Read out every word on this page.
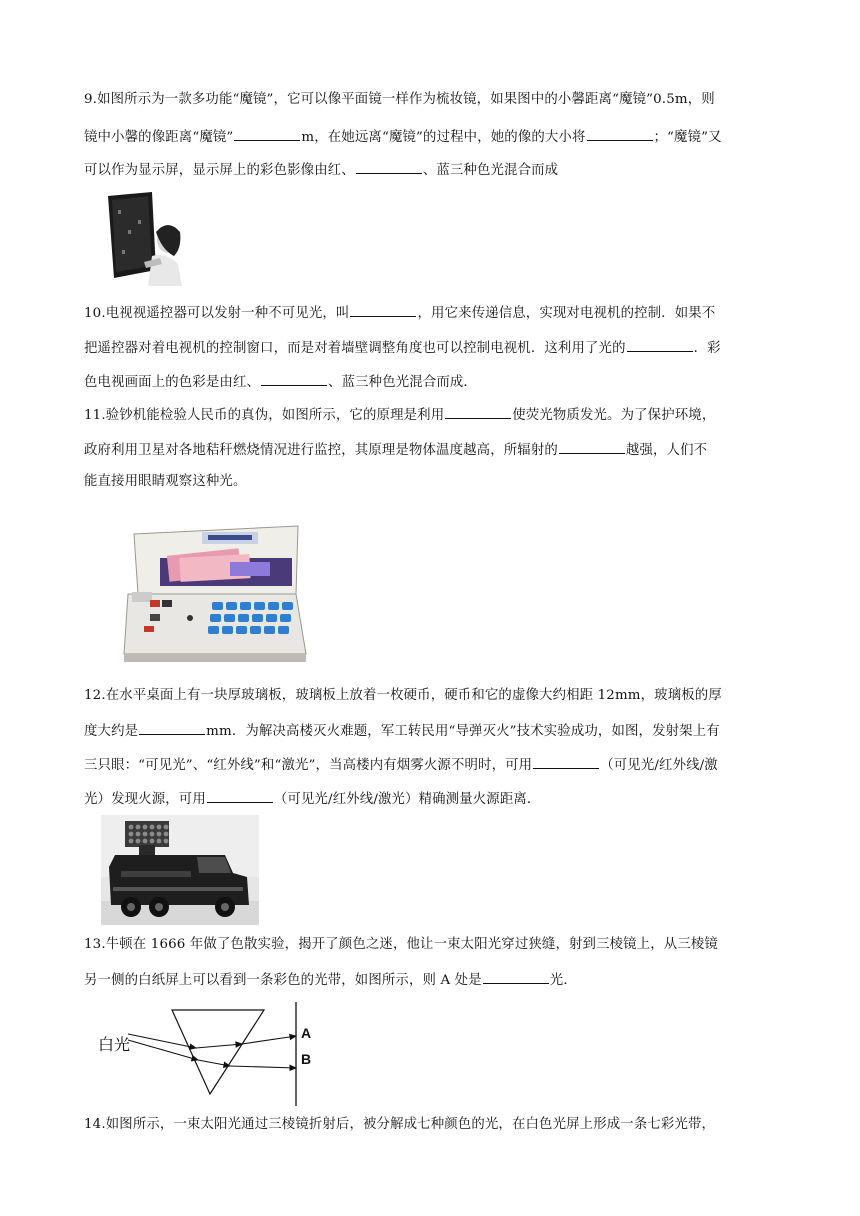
9.如图所示为一款多功能“魔镜”，它可以像平面镜一样作为梳妆镜，如果图中的小馨距离“魔镜”0.5m，则
镜中小馨的像距离“魔镜”	m，在她远离“魔镜”的过程中，她的像的大小将	；“魔镜”又
可以作为显示屏，显示屏上的彩色影像由红、	、蓝三种色光混合而成
10.电视视遥控器可以发射一种不可见光，叫	，用它来传递信息，实现对电视机的控制．如果不
把遥控器对着电视机的控制窗口，而是对着墙壁调整角度也可以控制电视机．这利用了光的	．彩
色电视画面上的色彩是由红、	、蓝三种色光混合而成．
11.验钞机能检验人民币的真伪，如图所示，它的原理是利用	使荧光物质发光。为了保护环境，
政府利用卫星对各地秸秆燃烧情况进行监控，其原理是物体温度越高，所辐射的	越强，人们不
能直接用眼睛观察这种光。
12.在水平桌面上有一块厚玻璃板，玻璃板上放着一枚硬币，硬币和它的虚像大约相距 12mm，玻璃板的厚
度大约是	mm．为解决高楼灭火难题，军工转民用“导弹灭火”技术实验成功，如图，发射架上有
三只眼：“可见光”、“红外线”和“激光”，当高楼内有烟雾火源不明时，可用	（可见光/红外线/激
光）发现火源，可用	（可见光/红外线/激光）精确测量火源距离．
13.牛顿在 1666 年做了色散实验，揭开了颜色之迷，他让一束太阳光穿过狭缝，射到三棱镜上，从三棱镜
另一侧的白纸屏上可以看到一条彩色的光带，如图所示，则 A 处是	光．
白光
A
B
14.如图所示，一束太阳光通过三棱镜折射后，被分解成七种颜色的光，在白色光屏上形成一条七彩光带，
